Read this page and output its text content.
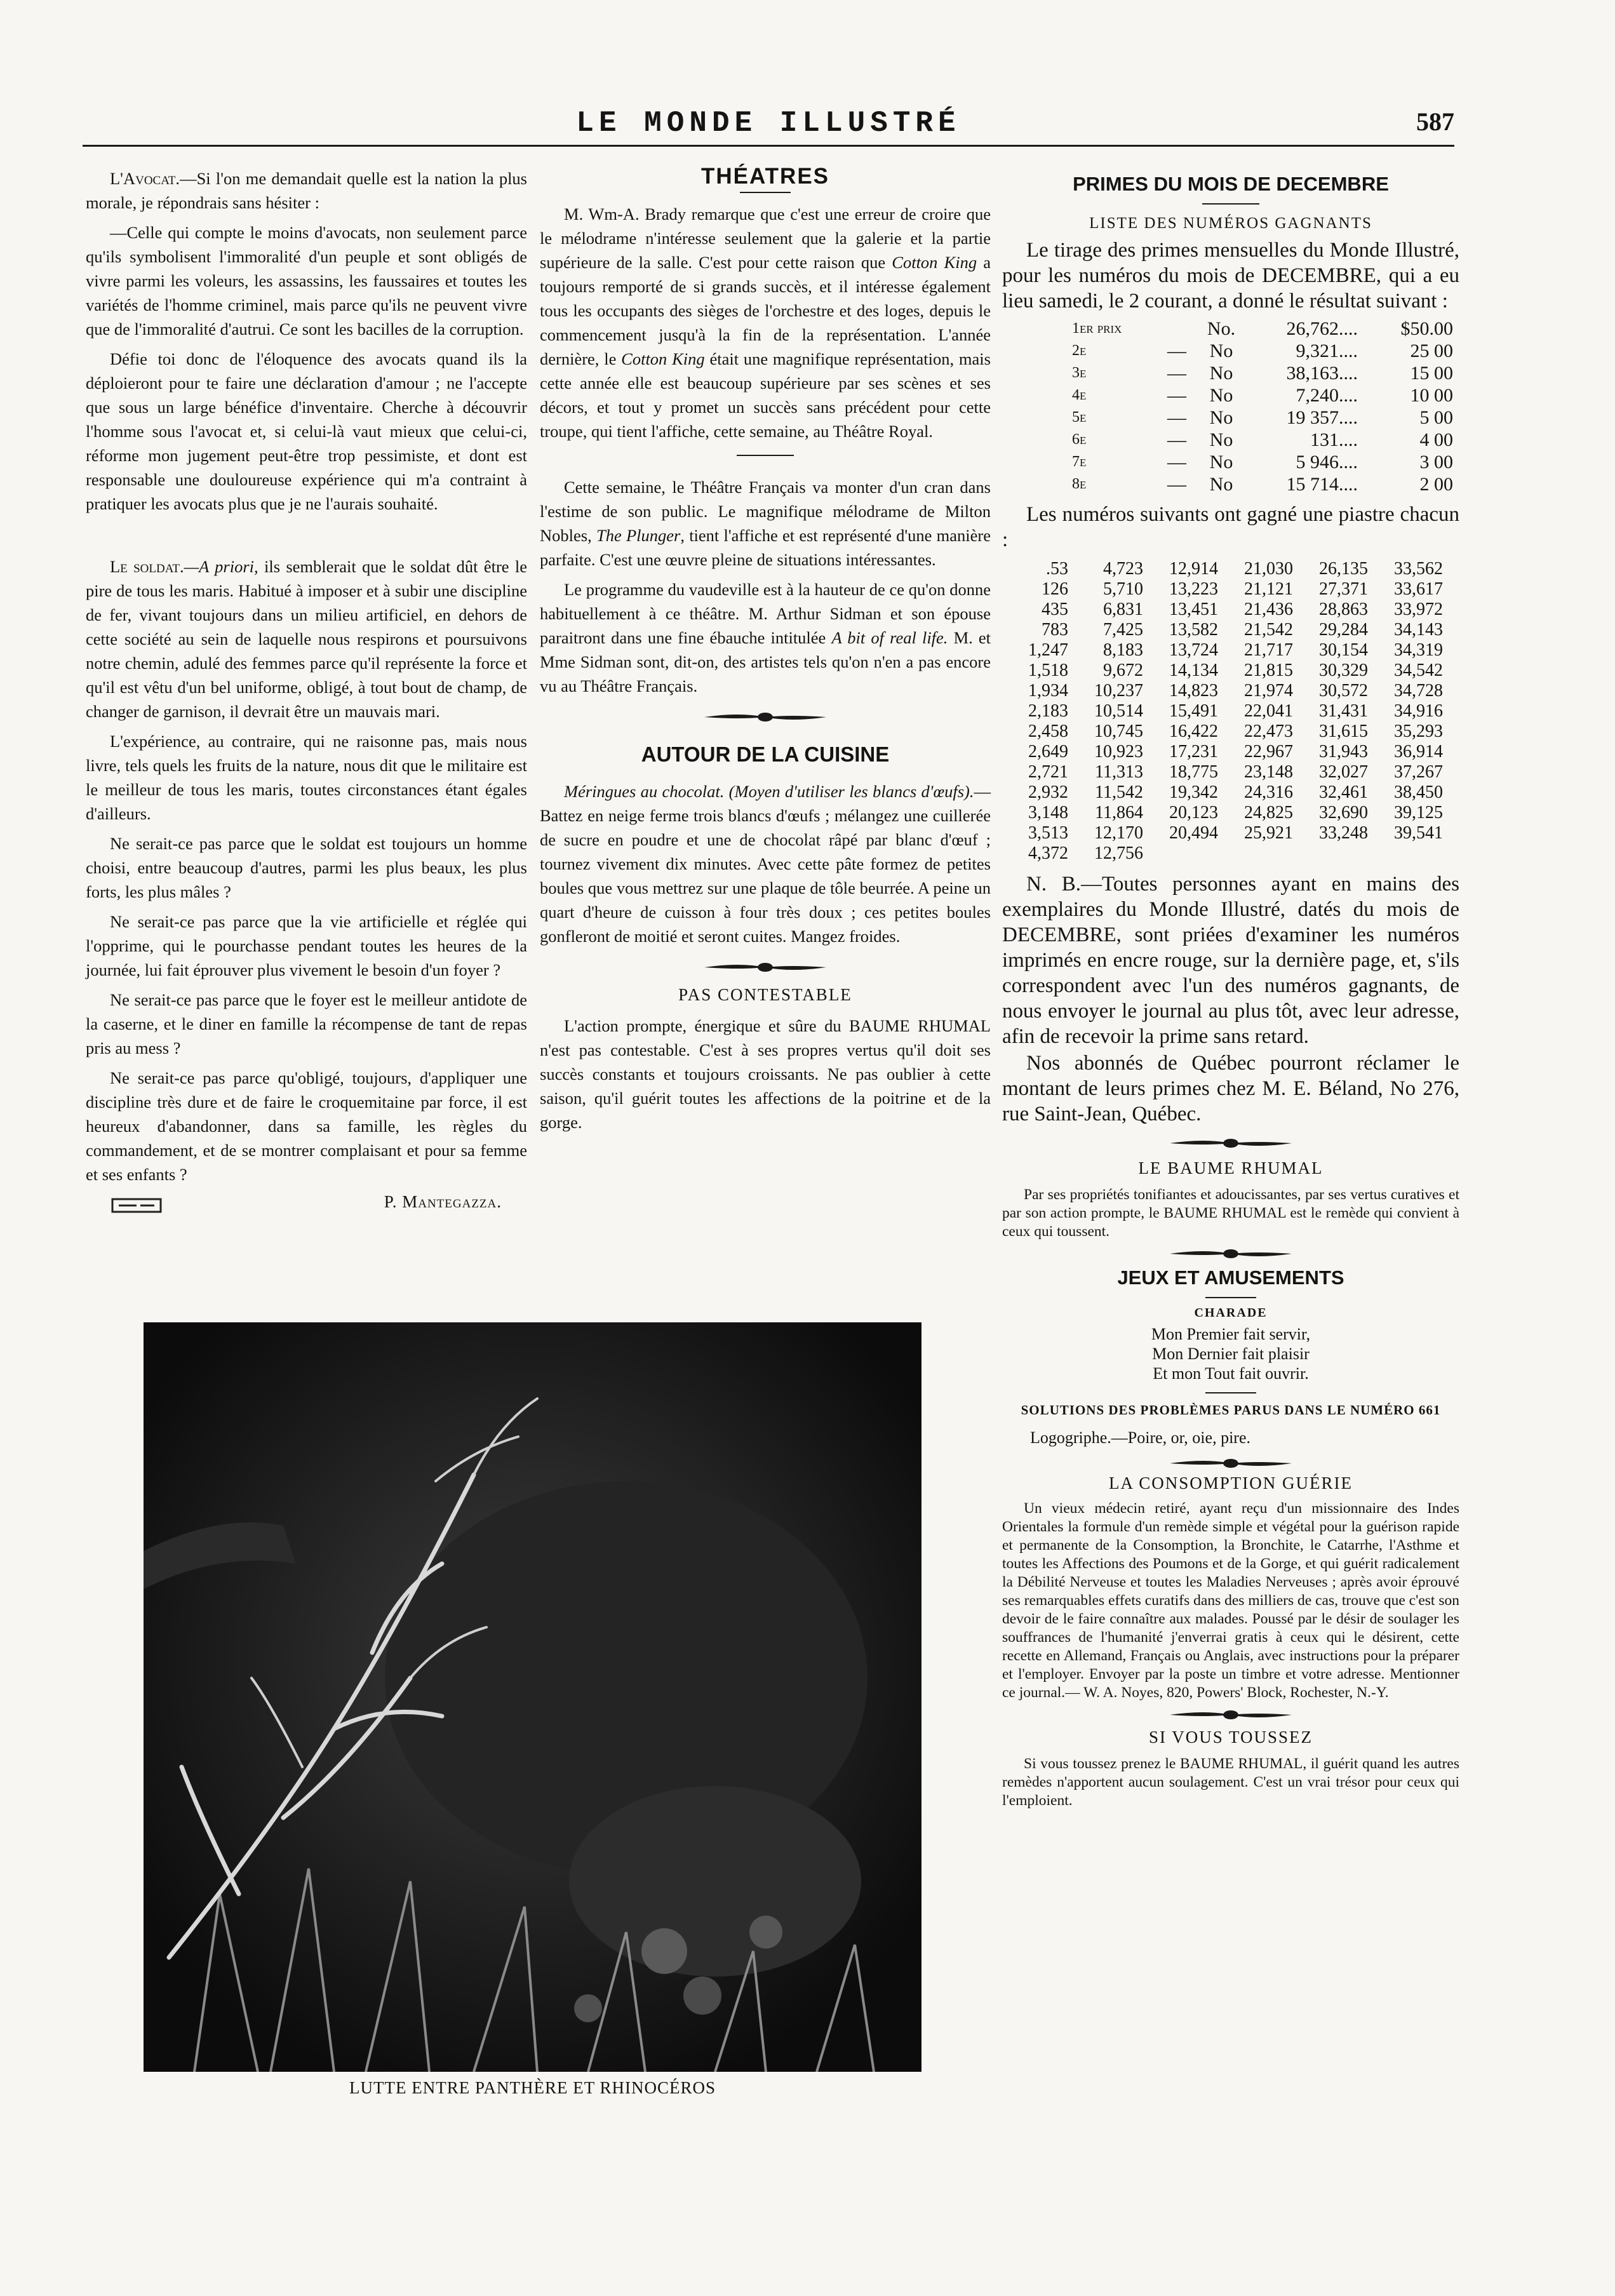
LE MONDE ILLUSTRÉ	587

L'Avocat.—Si l'on me demandait quelle est la nation la plus morale, je répondrais sans hésiter :

—Celle qui compte le moins d'avocats, non seulement parce qu'ils symbolisent l'immoralité d'un peuple et sont obligés de vivre parmi les voleurs, les assassins, les faussaires et toutes les variétés de l'homme criminel, mais parce qu'ils ne peuvent vivre que de l'immoralité d'autrui. Ce sont les bacilles de la corruption.

Défie toi donc de l'éloquence des avocats quand ils la déploieront pour te faire une déclaration d'amour ; ne l'accepte que sous un large bénéfice d'inventaire. Cherche à découvrir l'homme sous l'avocat et, si celui-là vaut mieux que celui-ci, réforme mon jugement peut-être trop pessimiste, et dont est responsable une douloureuse expérience qui m'a contraint à pratiquer les avocats plus que je ne l'aurais souhaité.

Le soldat.—A priori, ils semblerait que le soldat dût être le pire de tous les maris. Habitué à imposer et à subir une discipline de fer, vivant toujours dans un milieu artificiel, en dehors de cette société au sein de laquelle nous respirons et poursuivons notre chemin, adulé des femmes parce qu'il représente la force et qu'il est vêtu d'un bel uniforme, obligé, à tout bout de champ, de changer de garnison, il devrait être un mauvais mari.

L'expérience, au contraire, qui ne raisonne pas, mais nous livre, tels quels les fruits de la nature, nous dit que le militaire est le meilleur de tous les maris, toutes circonstances étant égales d'ailleurs.

Ne serait-ce pas parce que le soldat est toujours un homme choisi, entre beaucoup d'autres, parmi les plus beaux, les plus forts, les plus mâles ?

Ne serait-ce pas parce que la vie artificielle et réglée qui l'opprime, qui le pourchasse pendant toutes les heures de la journée, lui fait éprouver plus vivement le besoin d'un foyer ?

Ne serait-ce pas parce que le foyer est le meilleur antidote de la caserne, et le diner en famille la récompense de tant de repas pris au mess ?

Ne serait-ce pas parce qu'obligé, toujours, d'appliquer une discipline très dure et de faire le croquemitaine par force, il est heureux d'abandonner, dans sa famille, les règles du commandement, et de se montrer complaisant et pour sa femme et ses enfants ?

P. Mantegazza.
THÉATRES

M. Wm-A. Brady remarque que c'est une erreur de croire que le mélodrame n'intéresse seulement que la galerie et la partie supérieure de la salle. C'est pour cette raison que Cotton King a toujours remporté de si grands succès, et il intéresse également tous les occupants des sièges de l'orchestre et des loges, depuis le commencement jusqu'à la fin de la représentation. L'année dernière, le Cotton King était une magnifique représentation, mais cette année elle est beaucoup supérieure par ses scènes et ses décors, et tout y promet un succès sans précédent pour cette troupe, qui tient l'affiche, cette semaine, au Théâtre Royal.

Cette semaine, le Théâtre Français va monter d'un cran dans l'estime de son public. Le magnifique mélodrame de Milton Nobles, The Plunger, tient l'affiche et est représenté d'une manière parfaite. C'est une œuvre pleine de situations intéressantes.

Le programme du vaudeville est à la hauteur de ce qu'on donne habituellement à ce théâtre. M. Arthur Sidman et son épouse paraitront dans une fine ébauche intitulée A bit of real life. M. et Mme Sidman sont, dit-on, des artistes tels qu'on n'en a pas encore vu au Théâtre Français.

AUTOUR DE LA CUISINE

Méringues au chocolat. (Moyen d'utiliser les blancs d'œufs).—Battez en neige ferme trois blancs d'œufs ; mélangez une cuillerée de sucre en poudre et une de chocolat râpé par blanc d'œuf ; tournez vivement dix minutes. Avec cette pâte formez de petites boules que vous mettrez sur une plaque de tôle beurrée. A peine un quart d'heure de cuisson à four très doux ; ces petites boules gonfleront de moitié et seront cuites. Mangez froides.

PAS CONTESTABLE

L'action prompte, énergique et sûre du BAUME RHUMAL n'est pas contestable. C'est à ses propres vertus qu'il doit ses succès constants et toujours croissants. Ne pas oublier à cette saison, qu'il guérit toutes les affections de la poitrine et de la gorge.

PRIMES DU MOIS DE DECEMBRE
LISTE DES NUMÉROS GAGNANTS

Le tirage des primes mensuelles du Monde Illustré, pour les numéros du mois de DECEMBRE, qui a eu lieu samedi, le 2 courant, a donné le résultat suivant :

1er prix		No.	26,762....	$50.00
2e	—	No	9,321....	25 00
3e	—	No	38,163....	15 00
4e	—	No	7,240....	10 00
5e	—	No	19 357....	5 00
6e	—	No	131....	4 00
7e	—	No	5 946....	3 00
8e	—	No	15 714....	2 00

Les numéros suivants ont gagné une piastre chacun :

.53	4,723	12,914	21,030	26,135	33,562
126	5,710	13,223	21,121	27,371	33,617
435	6,831	13,451	21,436	28,863	33,972
783	7,425	13,582	21,542	29,284	34,143
1,247	8,183	13,724	21,717	30,154	34,319
1,518	9,672	14,134	21,815	30,329	34,542
1,934	10,237	14,823	21,974	30,572	34,728
2,183	10,514	15,491	22,041	31,431	34,916
2,458	10,745	16,422	22,473	31,615	35,293
2,649	10,923	17,231	22,967	31,943	36,914
2,721	11,313	18,775	23,148	32,027	37,267
2,932	11,542	19,342	24,316	32,461	38,450
3,148	11,864	20,123	24,825	32,690	39,125
3,513	12,170	20,494	25,921	33,248	39,541
4,372	12,756				

N. B.—Toutes personnes ayant en mains des exemplaires du Monde Illustré, datés du mois de DECEMBRE, sont priées d'examiner les numéros imprimés en encre rouge, sur la dernière page, et, s'ils correspondent avec l'un des numéros gagnants, de nous envoyer le journal au plus tôt, avec leur adresse, afin de recevoir la prime sans retard.

Nos abonnés de Québec pourront réclamer le montant de leurs primes chez M. E. Béland, No 276, rue Saint-Jean, Québec.

LE BAUME RHUMAL

Par ses propriétés tonifiantes et adoucissantes, par ses vertus curatives et par son action prompte, le BAUME RHUMAL est le remède qui convient à ceux qui toussent.

JEUX ET AMUSEMENTS
CHARADE

Mon Premier fait servir,

Mon Dernier fait plaisir

Et mon Tout fait ouvrir.

SOLUTIONS DES PROBLÈMES PARUS DANS LE NUMÉRO 661

Logogriphe.—Poire, or, oie, pire.

LA CONSOMPTION GUÉRIE

Un vieux médecin retiré, ayant reçu d'un missionnaire des Indes Orientales la formule d'un remède simple et végétal pour la guérison rapide et permanente de la Consomption, la Bronchite, le Catarrhe, l'Asthme et toutes les Affections des Poumons et de la Gorge, et qui guérit radicalement la Débilité Nerveuse et toutes les Maladies Nerveuses ; après avoir éprouvé ses remarquables effets curatifs dans des milliers de cas, trouve que c'est son devoir de le faire connaître aux malades. Poussé par le désir de soulager les souffrances de l'humanité j'enverrai gratis à ceux qui le désirent, cette recette en Allemand, Français ou Anglais, avec instructions pour la préparer et l'employer. Envoyer par la poste un timbre et votre adresse. Mentionner ce journal.— W. A. Noyes, 820, Powers' Block, Rochester, N.-Y.

SI VOUS TOUSSEZ

Si vous toussez prenez le BAUME RHUMAL, il guérit quand les autres remèdes n'apportent aucun soulagement. C'est un vrai trésor pour ceux qui l'emploient.

LUTTE ENTRE PANTHÈRE ET RHINOCÉROS
